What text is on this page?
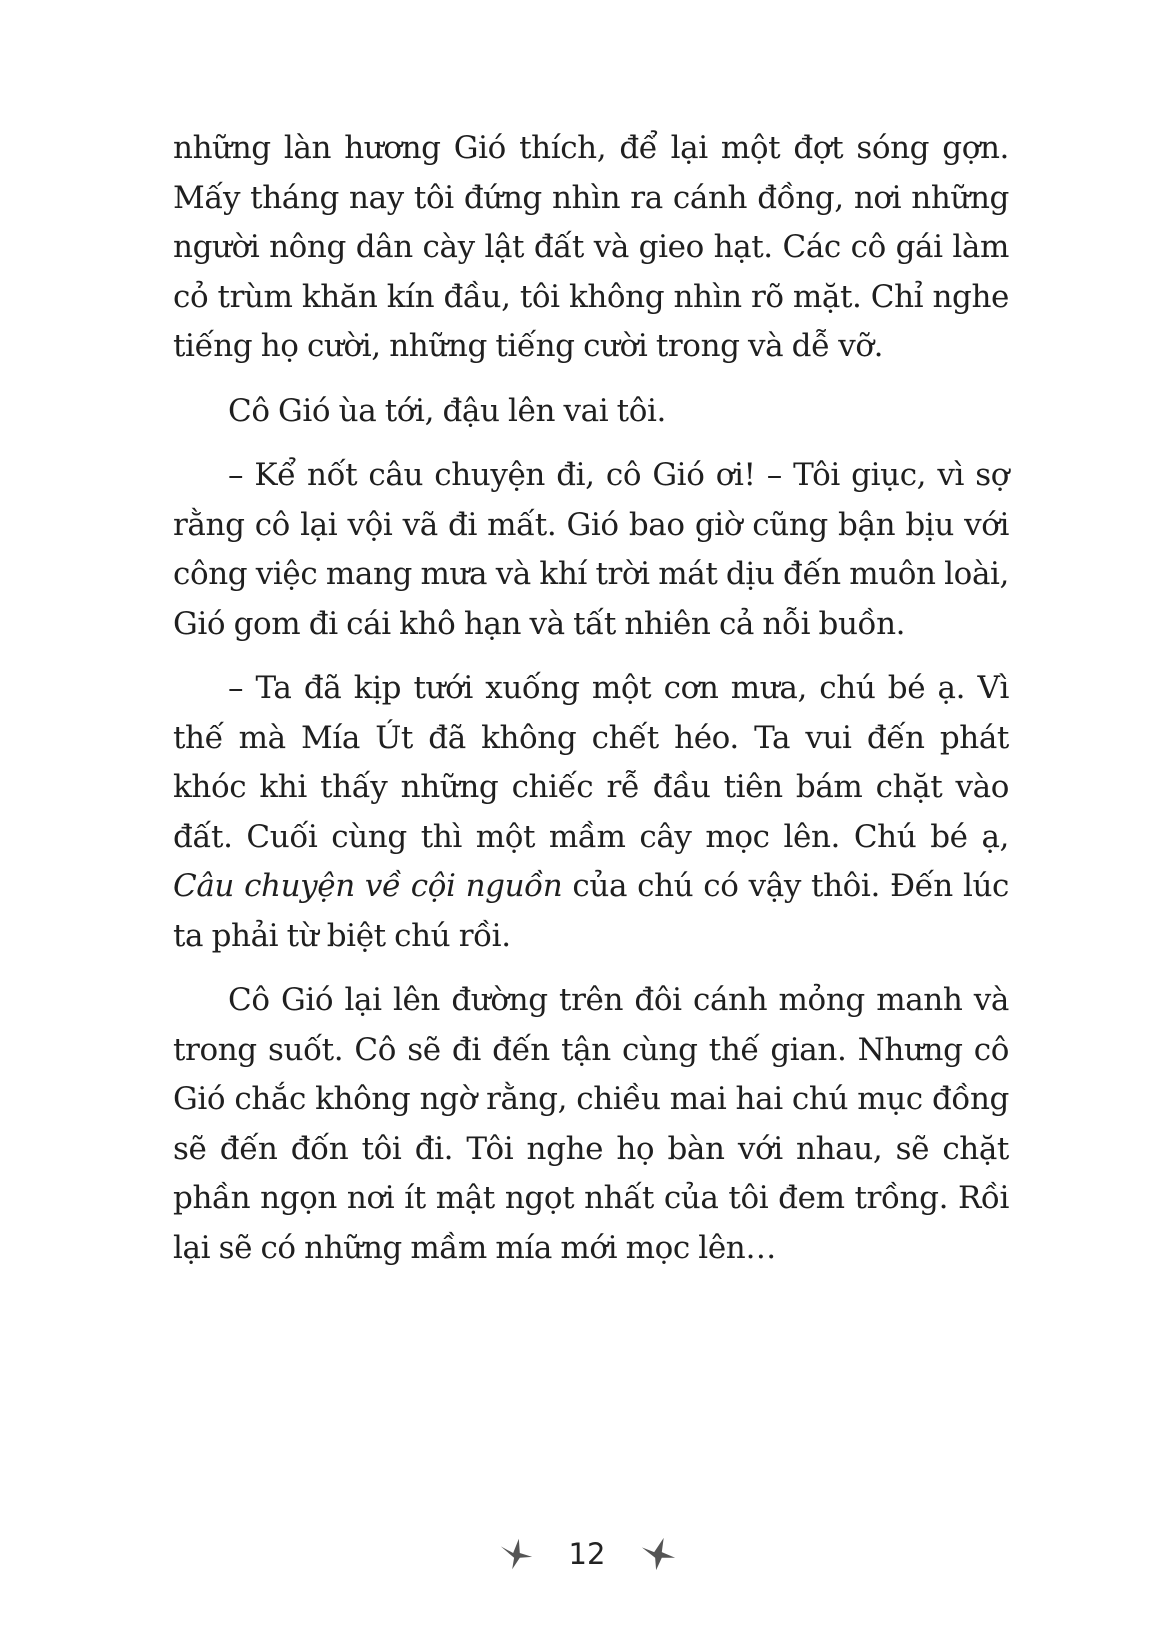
những làn hương Gió thích, để lại một đợt sóng gợn. Mấy tháng nay tôi đứng nhìn ra cánh đồng, nơi những người nông dân cày lật đất và gieo hạt. Các cô gái làm cỏ trùm khăn kín đầu, tôi không nhìn rõ mặt. Chỉ nghe tiếng họ cười, những tiếng cười trong và dễ vỡ.

Cô Gió ùa tới, đậu lên vai tôi.

– Kể nốt câu chuyện đi, cô Gió ơi! – Tôi giục, vì sợ rằng cô lại vội vã đi mất. Gió bao giờ cũng bận bịu với công việc mang mưa và khí trời mát dịu đến muôn loài, Gió gom đi cái khô hạn và tất nhiên cả nỗi buồn.

– Ta đã kịp tưới xuống một cơn mưa, chú bé ạ. Vì thế mà Mía Út đã không chết héo. Ta vui đến phát khóc khi thấy những chiếc rễ đầu tiên bám chặt vào đất. Cuối cùng thì một mầm cây mọc lên. Chú bé ạ, Câu chuyện về cội nguồn của chú có vậy thôi. Đến lúc ta phải từ biệt chú rồi.

Cô Gió lại lên đường trên đôi cánh mỏng manh và trong suốt. Cô sẽ đi đến tận cùng thế gian. Nhưng cô Gió chắc không ngờ rằng, chiều mai hai chú mục đồng sẽ đến đốn tôi đi. Tôi nghe họ bàn với nhau, sẽ chặt phần ngọn nơi ít mật ngọt nhất của tôi đem trồng. Rồi lại sẽ có những mầm mía mới mọc lên…

12
